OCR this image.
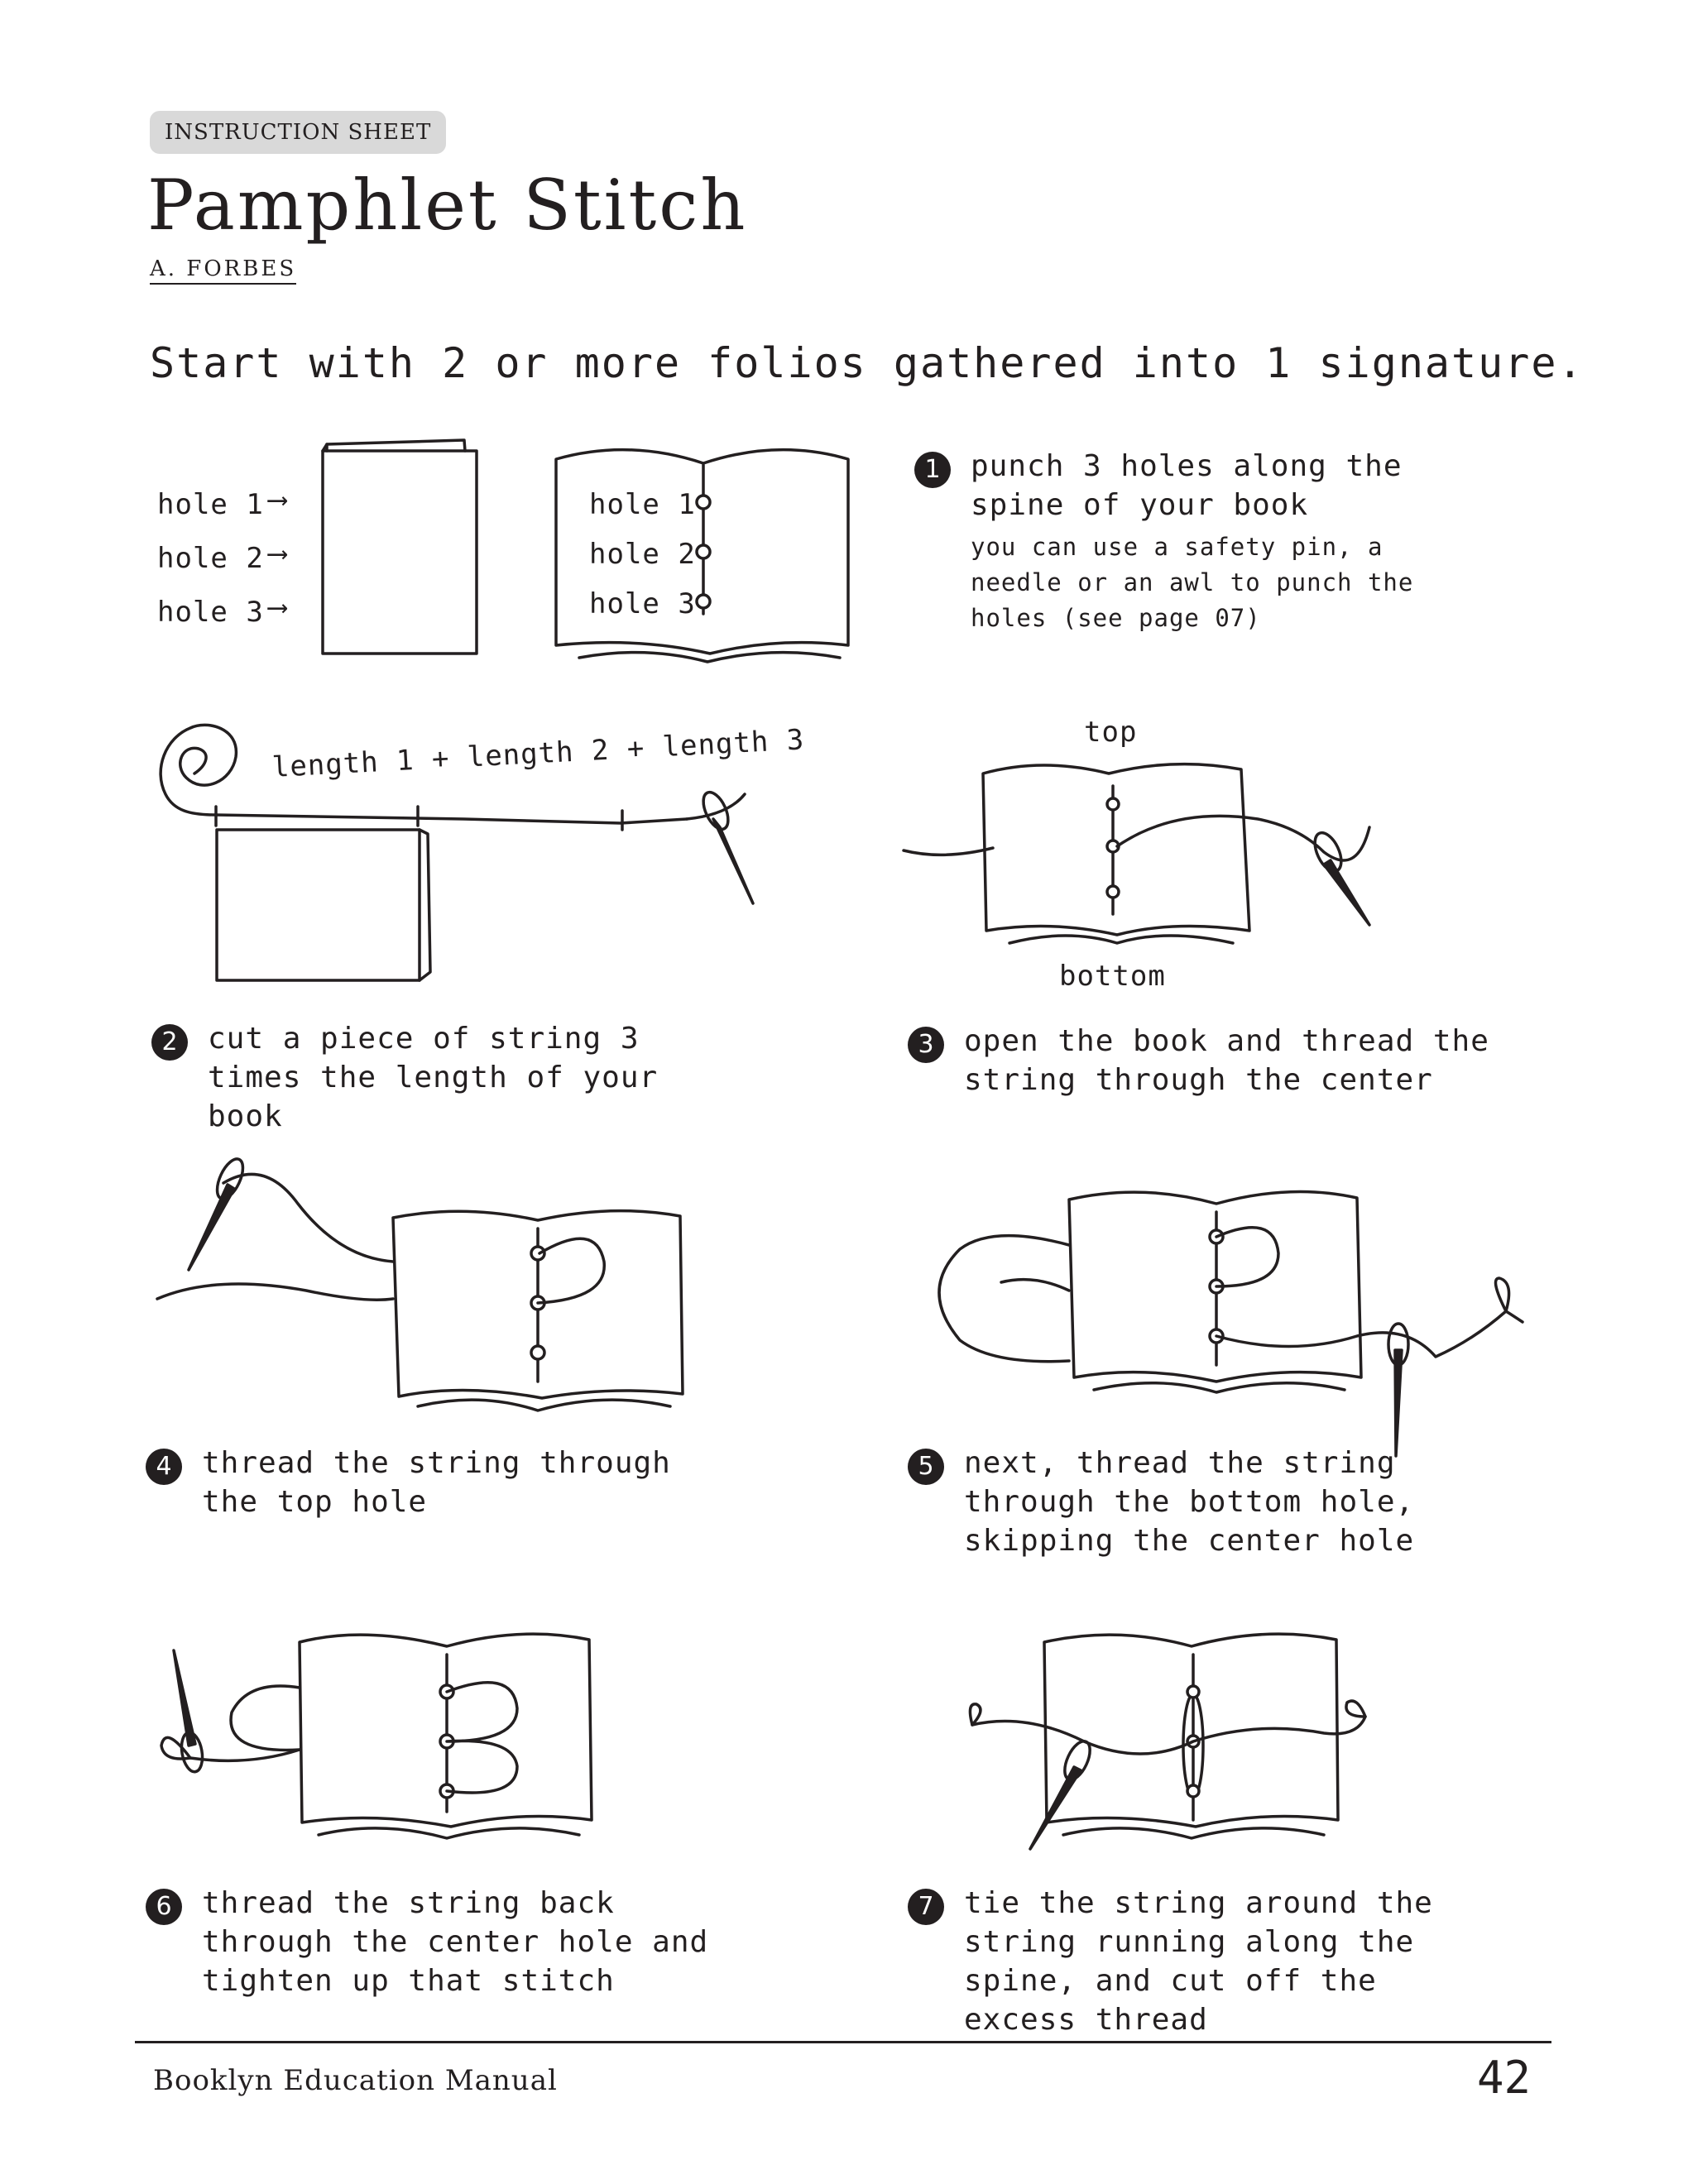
INSTRUCTION SHEET
Pamphlet Stitch
A. FORBES
Start with 2 or more folios gathered into 1 signature.
hole 1 ⟶
hole 2 ⟶
hole 3 ⟶
hole 1
hole 2
hole 3
length 1 + length 2 + length 3	top
bottom
1	punch 3 holes along the spine of your book
you can use a safety pin, a needle or an awl to punch the holes (see page 07)
2	cut a piece of string 3 times the length of your book
3	open the book and thread the string through the center
4	thread the string through the top hole
5	next, thread the string through the bottom hole, skipping the center hole
6	thread the string back through the center hole and tighten up that stitch
7	tie the string around the string running along the spine, and cut off the excess thread
Booklyn Education Manual	42
